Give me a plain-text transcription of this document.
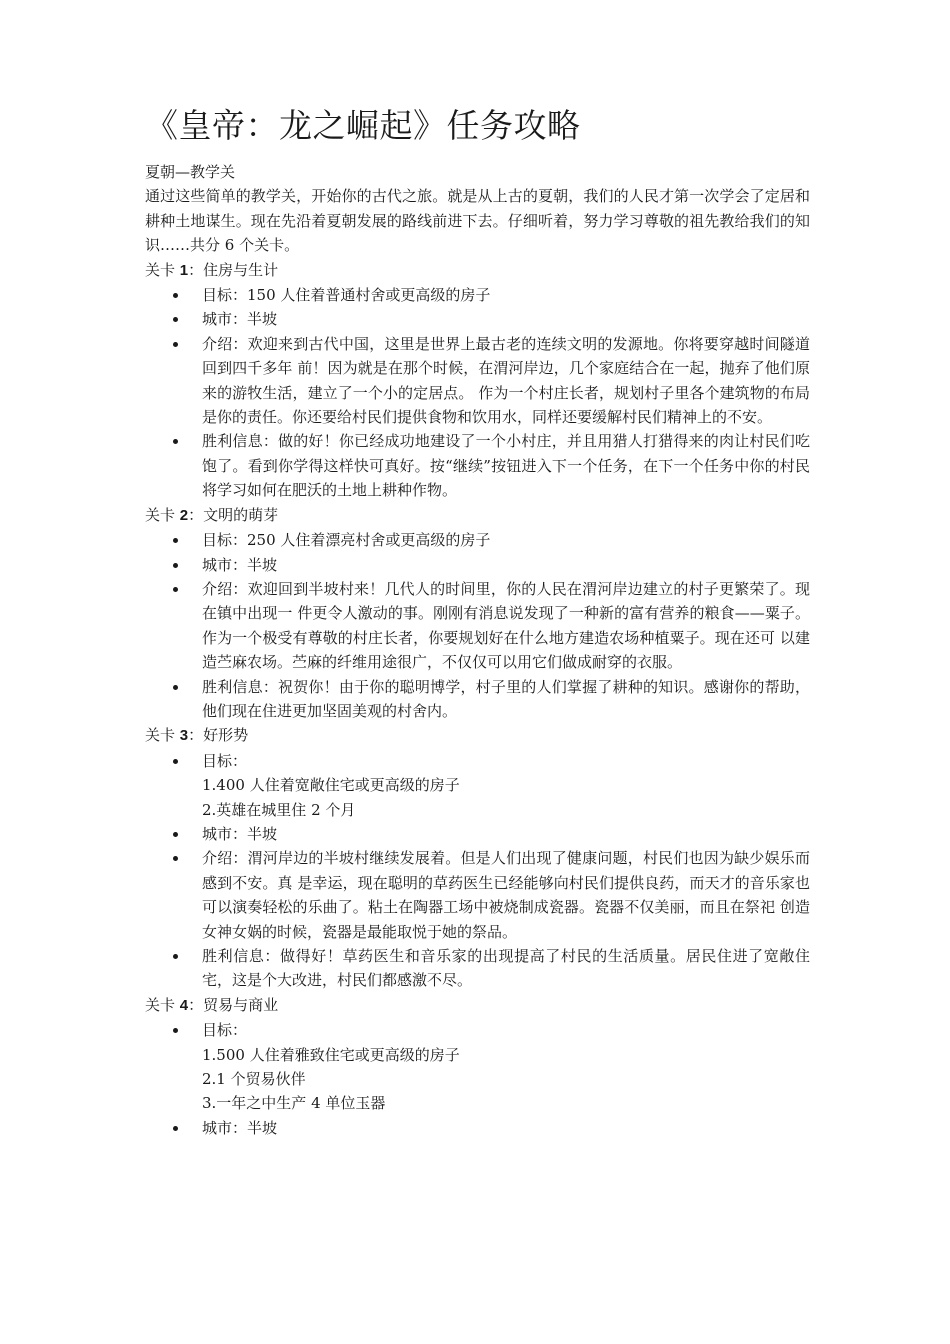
《皇帝：龙之崛起》任务攻略

夏朝—教学关

通过这些简单的教学关，开始你的古代之旅。就是从上古的夏朝，我们的人民才第一次学会了定居和耕种土地谋生。现在先沿着夏朝发展的路线前进下去。仔细听着，努力学习尊敬的祖先教给我们的知识……共分 6 个关卡。

关卡 1：住房与生计

目标：150 人住着普通村舍或更高级的房子
城市：半坡
介绍：欢迎来到古代中国，这里是世界上最古老的连续文明的发源地。你将要穿越时间隧道回到四千多年 前！因为就是在那个时候，在渭河岸边，几个家庭结合在一起，抛弃了他们原来的游牧生活，建立了一个小的定居点。 作为一个村庄长者，规划村子里各个建筑物的布局是你的责任。你还要给村民们提供食物和饮用水，同样还要缓解村民们精神上的不安。
胜利信息：做的好！你已经成功地建设了一个小村庄，并且用猎人打猎得来的肉让村民们吃饱了。看到你学得这样快可真好。按“继续”按钮进入下一个任务，在下一个任务中你的村民将学习如何在肥沃的土地上耕种作物。

关卡 2：文明的萌芽

目标：250 人住着漂亮村舍或更高级的房子
城市：半坡
介绍：欢迎回到半坡村来！几代人的时间里，你的人民在渭河岸边建立的村子更繁荣了。现在镇中出现一 件更令人激动的事。刚刚有消息说发现了一种新的富有营养的粮食——粟子。作为一个极受有尊敬的村庄长者，你要规划好在什么地方建造农场种植粟子。现在还可 以建造苎麻农场。苎麻的纤维用途很广，不仅仅可以用它们做成耐穿的衣服。
胜利信息：祝贺你！由于你的聪明博学，村子里的人们掌握了耕种的知识。感谢你的帮助，他们现在住进更加坚固美观的村舍内。

关卡 3：好形势

目标：
1.400 人住着宽敞住宅或更高级的房子
2.英雄在城里住 2 个月
城市：半坡
介绍：渭河岸边的半坡村继续发展着。但是人们出现了健康问题，村民们也因为缺少娱乐而感到不安。真 是幸运，现在聪明的草药医生已经能够向村民们提供良药，而天才的音乐家也可以演奏轻松的乐曲了。粘土在陶器工场中被烧制成瓷器。瓷器不仅美丽，而且在祭祀 创造女神女娲的时候，瓷器是最能取悦于她的祭品。
胜利信息：做得好！草药医生和音乐家的出现提高了村民的生活质量。居民住进了宽敞住宅，这是个大改进，村民们都感激不尽。

关卡 4：贸易与商业

目标：
1.500 人住着雅致住宅或更高级的房子
2.1 个贸易伙伴
3.一年之中生产 4 单位玉器
城市：半坡
